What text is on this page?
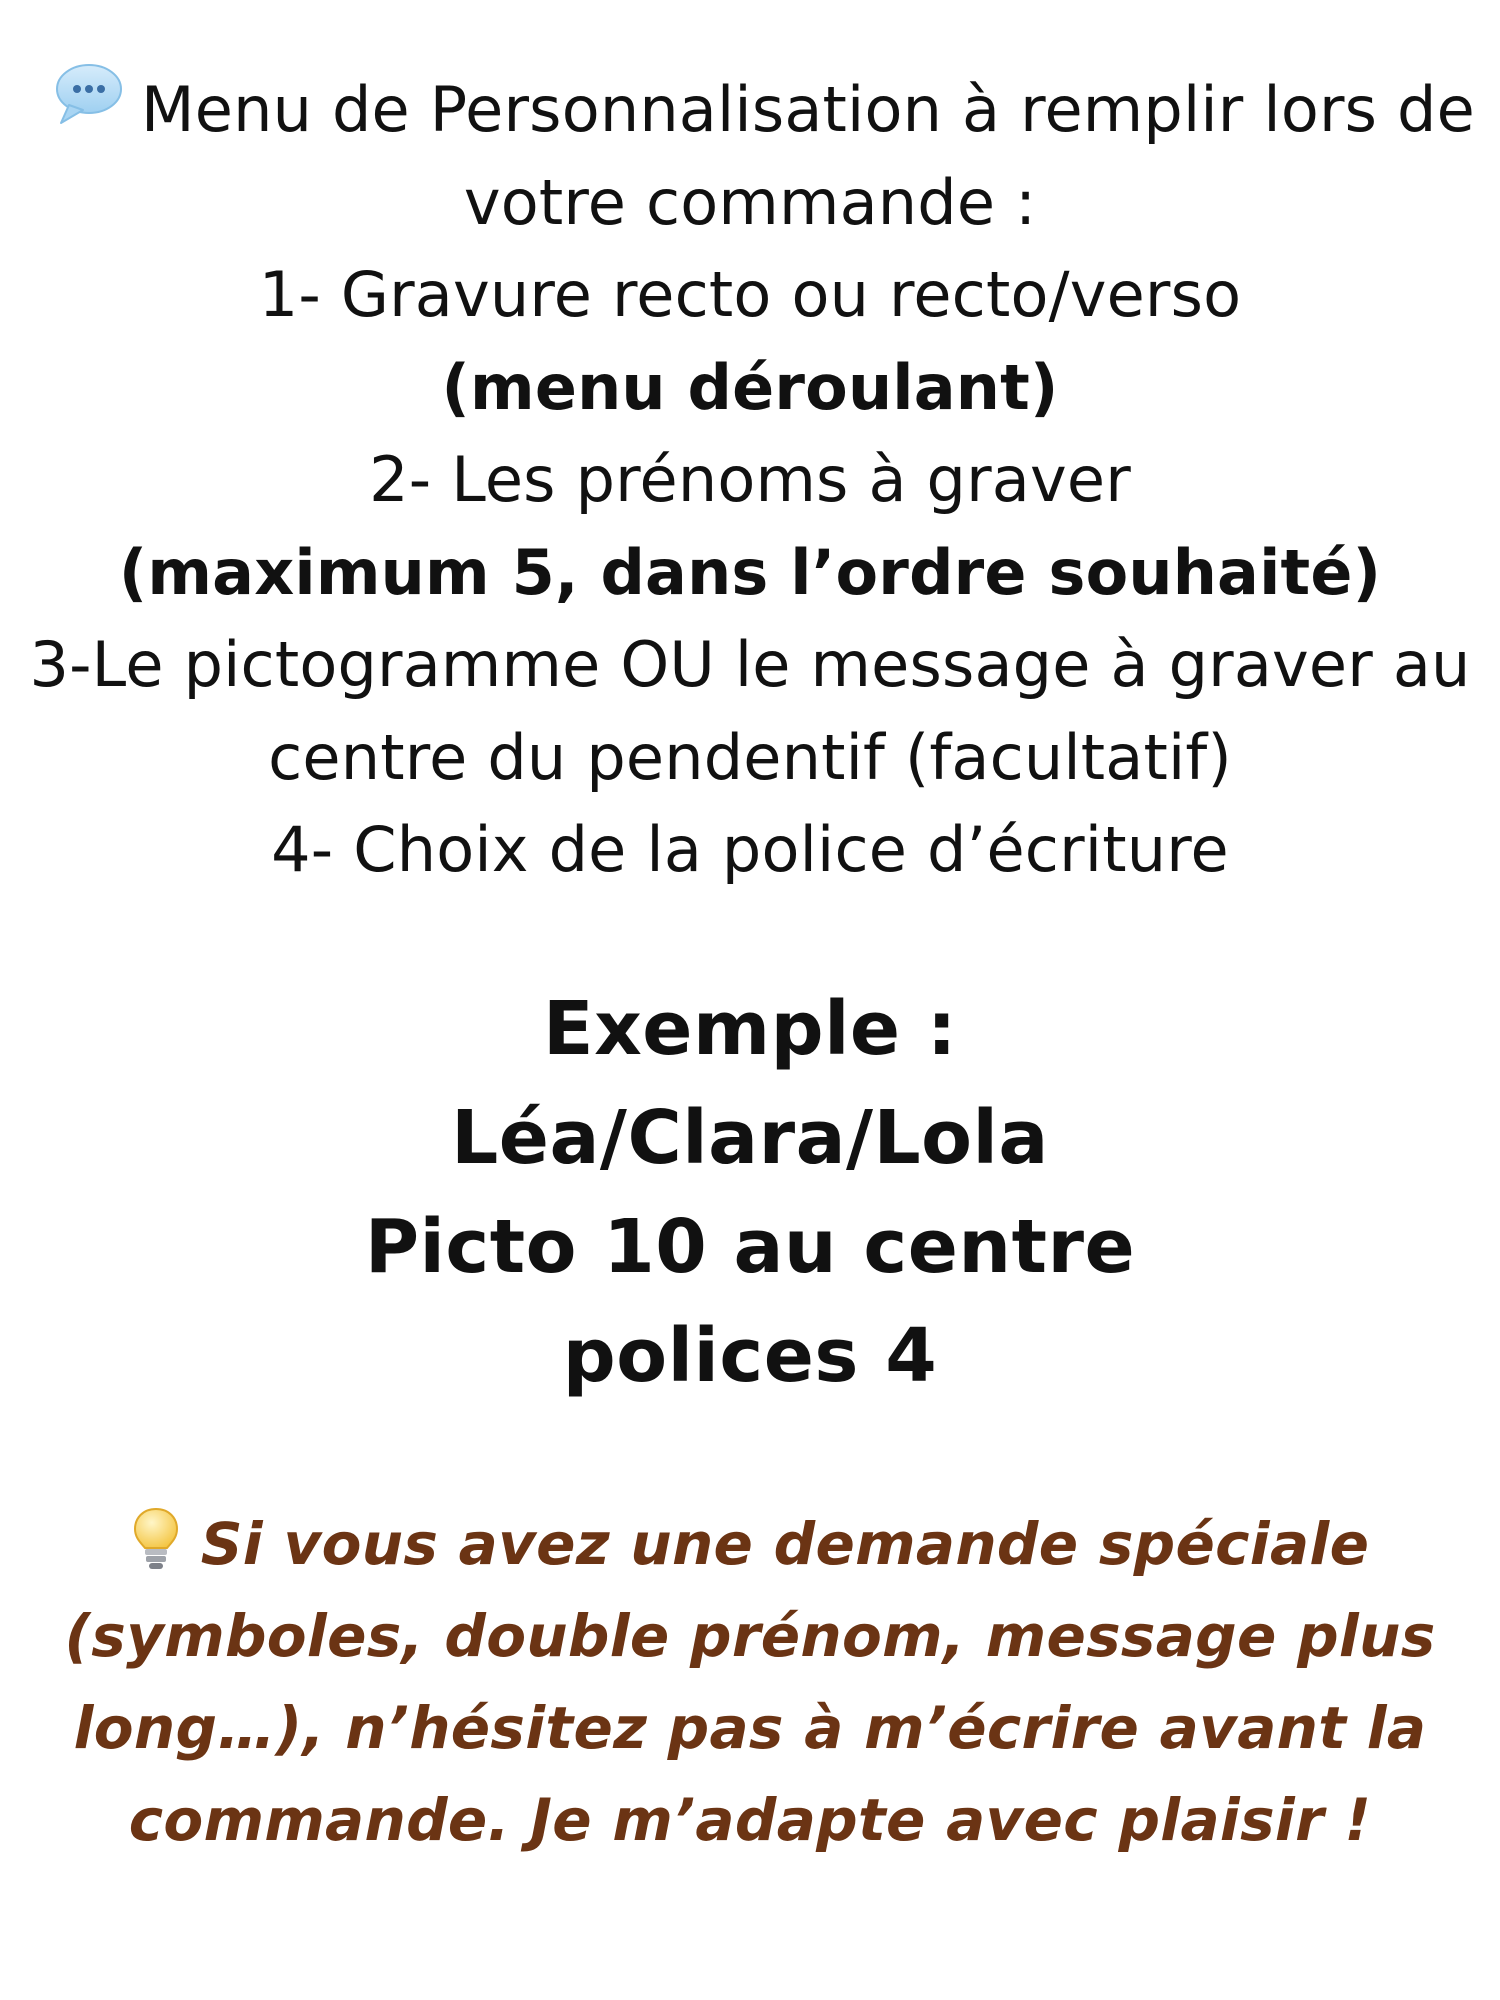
Menu de Personnalisation à remplir lors de
votre commande :
1- Gravure recto ou recto/verso
(menu déroulant)
2- Les prénoms à graver
(maximum 5, dans l’ordre souhaité)
3-Le pictogramme OU le message à graver au
centre du pendentif (facultatif)
4- Choix de la police d’écriture
Exemple :
Léa/Clara/Lola
Picto 10 au centre
polices 4
Si vous avez une demande spéciale
(symboles, double prénom, message plus
long…), n’hésitez pas à m’écrire avant la
commande. Je m’adapte avec plaisir !
